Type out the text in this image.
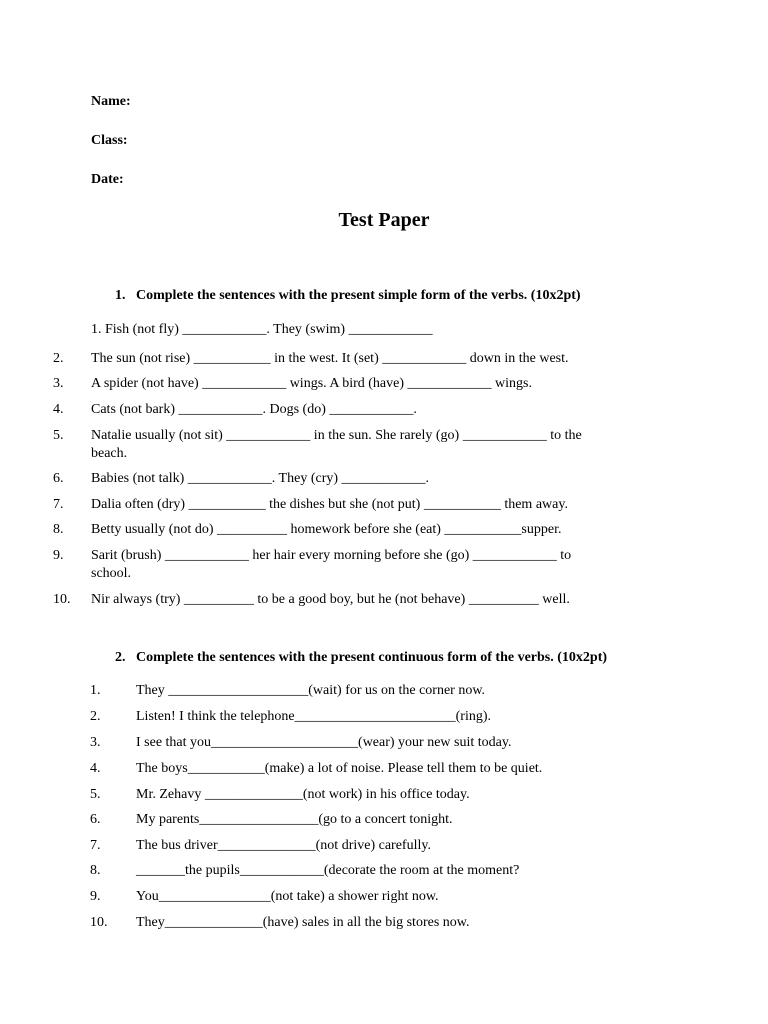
Name:
Class:
Date:
Test Paper
1. Complete the sentences with the present simple form of the verbs. (10x2pt)
1. Fish (not fly) ____________. They (swim) ____________
2. The sun (not rise) ___________ in the west. It (set) ____________ down in the west.
3. A spider (not have) ____________ wings. A bird (have) ____________ wings.
4. Cats (not bark) ____________. Dogs (do) ____________.
5. Natalie usually (not sit) ____________ in the sun. She rarely (go) ____________ to the beach.
6. Babies (not talk) ____________. They (cry) ____________.
7. Dalia often (dry) ___________ the dishes but she (not put) ___________ them away.
8. Betty usually (not do) __________ homework before she (eat) ___________supper.
9. Sarit (brush) ____________ her hair every morning before she (go) ____________ to school.
10. Nir always (try) __________ to be a good boy, but he (not behave) __________ well.
2. Complete the sentences with the present continuous form of the verbs. (10x2pt)
1.	They ____________________(wait) for us on the corner now.
2.	Listen! I think the telephone_______________________(ring).
3.	I see that you_____________________(wear) your new suit today.
4.	The boys___________(make) a lot of noise. Please tell them to be quiet.
5.	Mr. Zehavy ______________(not work) in his office today.
6.	My parents_________________(go to a concert tonight.
7.	The bus driver______________(not drive) carefully.
8.	_______the pupils____________(decorate the room at the moment?
9.	You________________(not take) a shower right now.
10. They______________(have) sales in all the big stores now.
